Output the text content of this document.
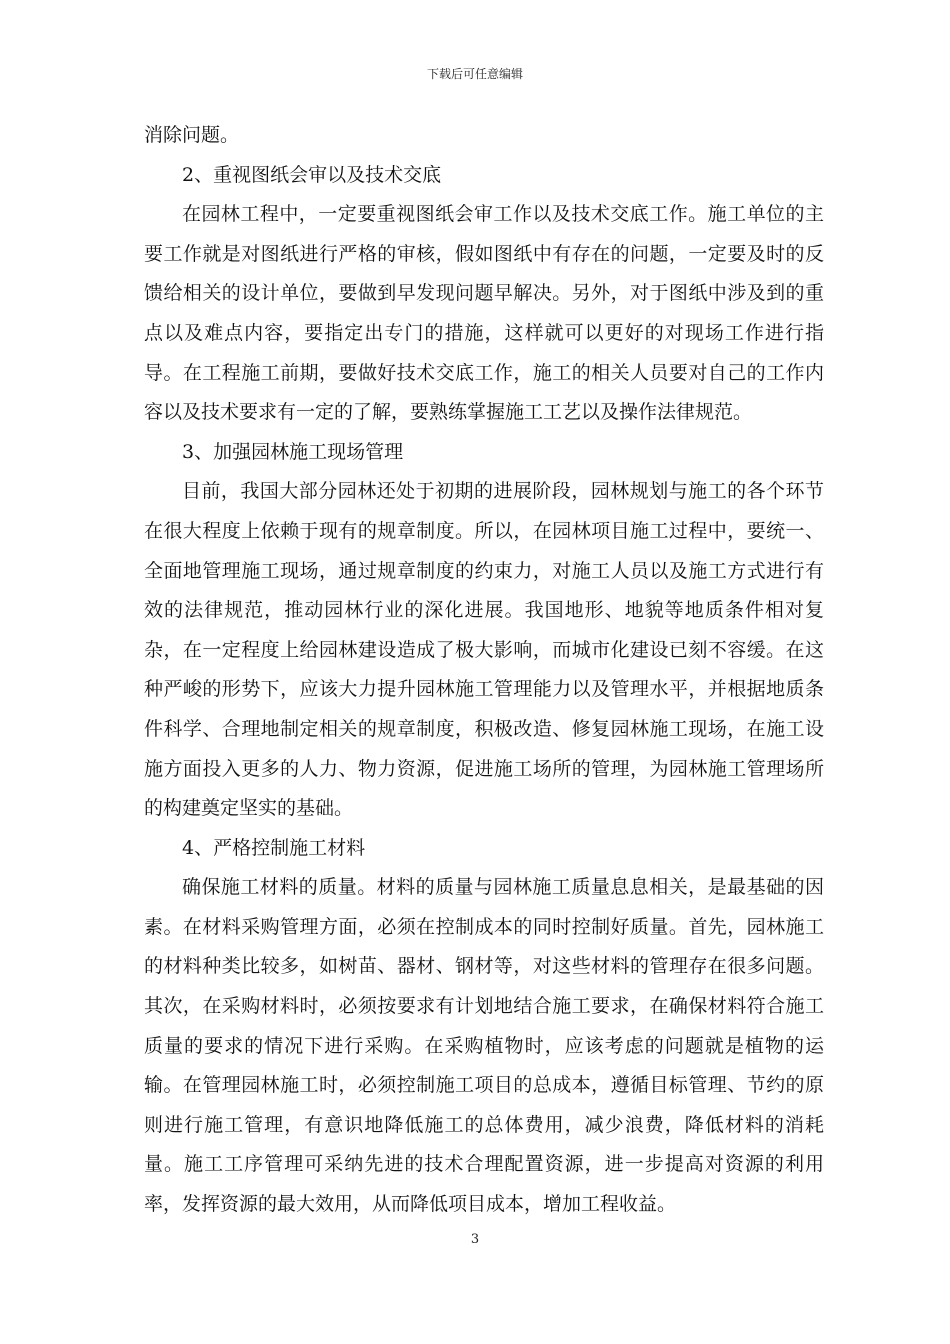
下载后可任意编辑

消除问题。

2、重视图纸会审以及技术交底

在园林工程中，一定要重视图纸会审工作以及技术交底工作。施工单位的主要工作就是对图纸进行严格的审核，假如图纸中有存在的问题，一定要及时的反馈给相关的设计单位，要做到早发现问题早解决。另外，对于图纸中涉及到的重点以及难点内容，要指定出专门的措施，这样就可以更好的对现场工作进行指导。在工程施工前期，要做好技术交底工作，施工的相关人员要对自己的工作内容以及技术要求有一定的了解，要熟练掌握施工工艺以及操作法律规范。

3、加强园林施工现场管理

目前，我国大部分园林还处于初期的进展阶段，园林规划与施工的各个环节在很大程度上依赖于现有的规章制度。所以，在园林项目施工过程中，要统一、全面地管理施工现场，通过规章制度的约束力，对施工人员以及施工方式进行有效的法律规范，推动园林行业的深化进展。我国地形、地貌等地质条件相对复杂，在一定程度上给园林建设造成了极大影响，而城市化建设已刻不容缓。在这种严峻的形势下，应该大力提升园林施工管理能力以及管理水平，并根据地质条件科学、合理地制定相关的规章制度，积极改造、修复园林施工现场，在施工设施方面投入更多的人力、物力资源，促进施工场所的管理，为园林施工管理场所的构建奠定坚实的基础。

4、严格控制施工材料

确保施工材料的质量。材料的质量与园林施工质量息息相关，是最基础的因素。在材料采购管理方面，必须在控制成本的同时控制好质量。首先，园林施工的材料种类比较多，如树苗、器材、钢材等，对这些材料的管理存在很多问题。其次，在采购材料时，必须按要求有计划地结合施工要求，在确保材料符合施工质量的要求的情况下进行采购。在采购植物时，应该考虑的问题就是植物的运输。在管理园林施工时，必须控制施工项目的总成本，遵循目标管理、节约的原则进行施工管理，有意识地降低施工的总体费用，减少浪费，降低材料的消耗量。施工工序管理可采纳先进的技术合理配置资源，进一步提高对资源的利用率，发挥资源的最大效用，从而降低项目成本，增加工程收益。

3
